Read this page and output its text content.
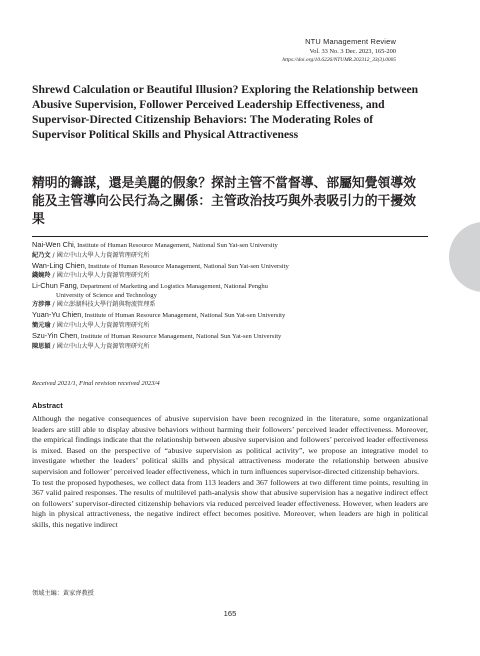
NTU Management Review
Vol. 33 No. 3 Dec. 2023, 165-200
https://doi.org/10.6226/NTUMR.202312_33(3).0005
Shrewd Calculation or Beautiful Illusion? Exploring the Relationship between Abusive Supervision, Follower Perceived Leadership Effectiveness, and Supervisor-Directed Citizenship Behaviors: The Moderating Roles of Supervisor Political Skills and Physical Attractiveness
精明的籌謀，還是美麗的假象？探討主管不當督導、部屬知覺領導效能及主管導向公民行為之關係：主管政治技巧與外表吸引力的干擾效果
Nai-Wen Chi, Institute of Human Resource Management, National Sun Yat-sen University
紀乃文 / 國立中山大學人力資源管理研究所
Wan-Ling Chien, Institute of Human Resource Management, National Sun Yat-sen University
錢婉羚 / 國立中山大學人力資源管理研究所
Li-Chun Fang, Department of Marketing and Logistics Management, National Penghu
University of Science and Technology
方涉濘 / 國立澎湖科技大學行銷與物流管理系
Yuan-Yu Chien, Institute of Human Resource Management, National Sun Yat-sen University
簡元瑜 / 國立中山大學人力資源管理研究所
Szu-Yin Chen, Institute of Human Resource Management, National Sun Yat-sen University
陳思穎 / 國立中山大學人力資源管理研究所
Received 2021/1, Final revision received 2023/4
Abstract

Although the negative consequences of abusive supervision have been recognized in the literature, some organizational leaders are still able to display abusive behaviors without harming their followers’ perceived leader effectiveness. Moreover, the empirical findings indicate that the relationship between abusive supervision and followers’ perceived leader effectiveness is mixed. Based on the perspective of “abusive supervision as political activity”, we propose an integrative model to investigate whether the leaders’ political skills and physical attractiveness moderate the relationship between abusive supervision and follower’ perceived leader effectiveness, which in turn influences supervisor-directed citizenship behaviors.

To test the proposed hypotheses, we collect data from 113 leaders and 367 followers at two different time points, resulting in 367 valid paired responses. The results of multilevel path-analysis show that abusive supervision has a negative indirect effect on followers’ supervisor-directed citizenship behaviors via reduced perceived leader effectiveness. However, when leaders are high in physical attractiveness, the negative indirect effect becomes positive. Moreover, when leaders are high in political skills, this negative indirect

領域主編：黃家齊教授
165
